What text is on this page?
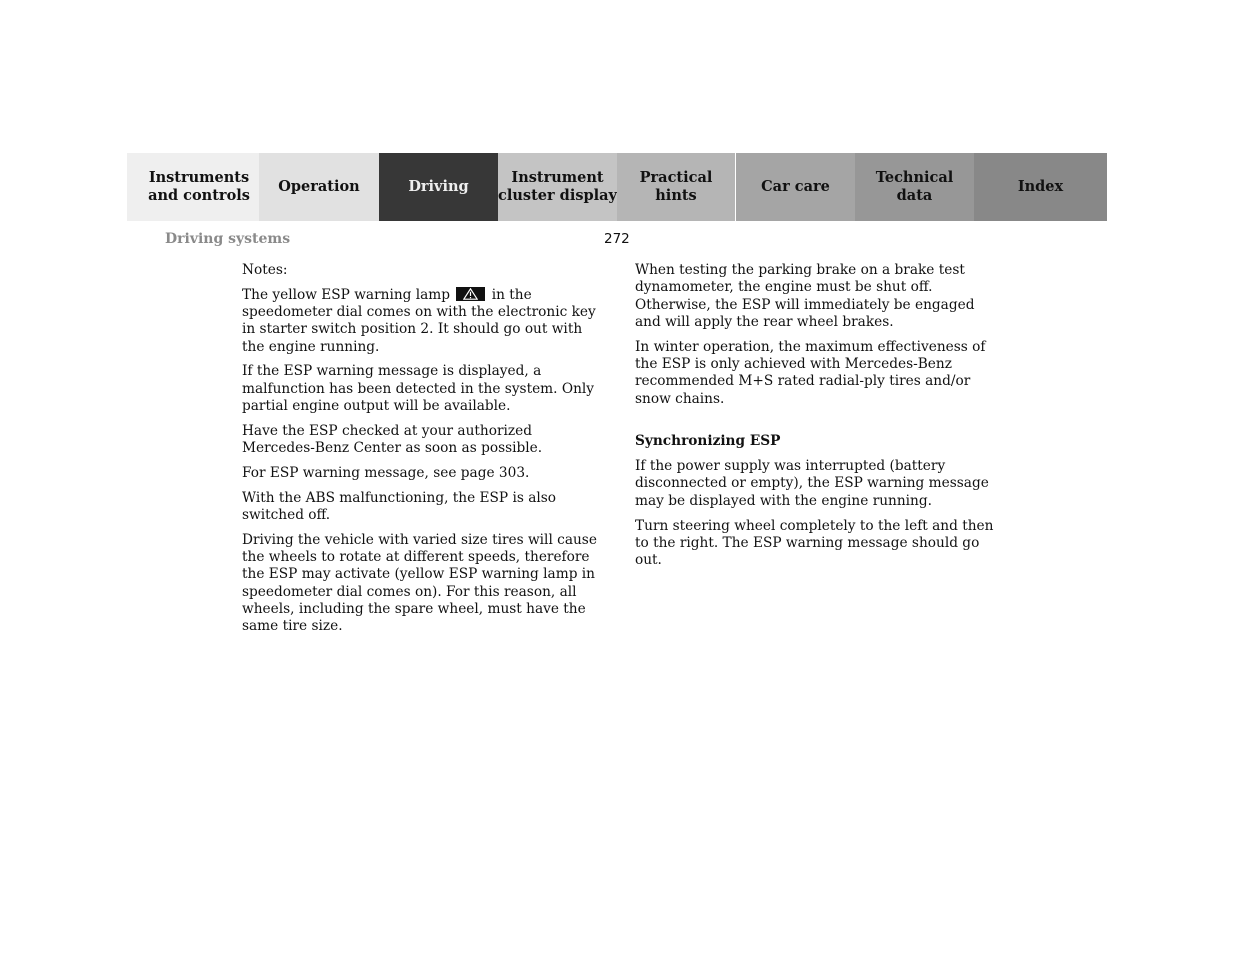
Instruments
and controls
Operation	Driving
Instrument
cluster display
Practical hints
Car care
Technical
data
Index
Driving systems	272

Notes:

The yellow ESP warning lamp	in the speedometer dial comes on with the electronic key in starter switch position 2. It should go out with the engine running.

If the ESP warning message is displayed, a malfunction has been detected in the system. Only partial engine output will be available.

Have the ESP checked at your authorized Mercedes-Benz Center as soon as possible.

For ESP warning message, see page 303.

With the ABS malfunctioning, the ESP is also switched off.

Driving the vehicle with varied size tires will cause the wheels to rotate at different speeds, therefore the ESP may activate (yellow ESP warning lamp in speedometer dial comes on). For this reason, all wheels, including the spare wheel, must have the same tire size.

When testing the parking brake on a brake test dynamometer, the engine must be shut off. Otherwise, the ESP will immediately be engaged and will apply the rear wheel brakes.

In winter operation, the maximum effectiveness of the ESP is only achieved with Mercedes-Benz recommended M+S rated radial-ply tires and/or snow chains.

Synchronizing ESP

If the power supply was interrupted (battery disconnected or empty), the ESP warning message may be displayed with the engine running.

Turn steering wheel completely to the left and then to the right. The ESP warning message should go out.
